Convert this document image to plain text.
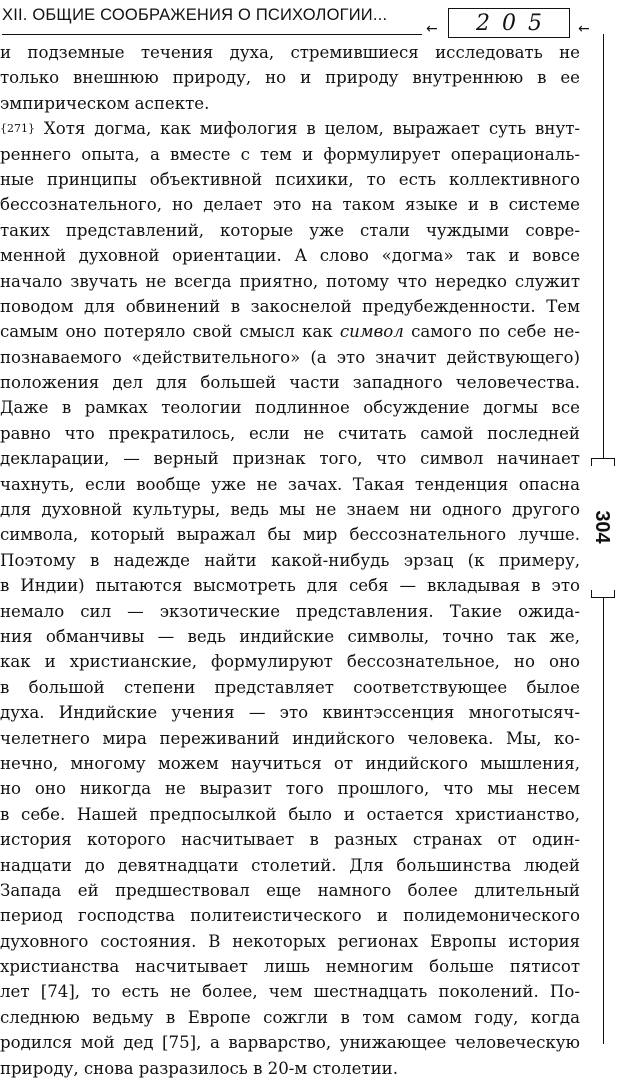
XII. ОБЩИЕ СООБРАЖЕНИЯ О ПСИХОЛОГИИ...
←	205 ←
304
и подземные течения духа, стремившиеся исследовать не
только внешнюю природу, но и природу внутреннюю в ее
эмпирическом аспекте.
{271} Хотя догма, как мифология в целом, выражает суть внут-
реннего опыта, а вместе с тем и формулирует операциональ-
ные принципы объективной психики, то есть коллективного
бессознательного, но делает это на таком языке и в системе
таких представлений, которые уже стали чуждыми совре-
менной духовной ориентации. А слово «догма» так и вовсе
начало звучать не всегда приятно, потому что нередко служит
поводом для обвинений в закоснелой предубежденности. Тем
самым оно потеряло свой смысл как символ самого по себе не-
познаваемого «действительного» (а это значит действующего)
положения дел для большей части западного человечества.
Даже в рамках теологии подлинное обсуждение догмы все
равно что прекратилось, если не считать самой последней
декларации, — верный признак того, что символ начинает
чахнуть, если вообще уже не зачах. Такая тенденция опасна
для духовной культуры, ведь мы не знаем ни одного другого
символа, который выражал бы мир бессознательного лучше.
Поэтому в надежде найти какой-нибудь эрзац (к примеру,
в Индии) пытаются высмотреть для себя — вкладывая в это
немало сил — экзотические представления. Такие ожида-
ния обманчивы — ведь индийские символы, точно так же,
как и христианские, формулируют бессознательное, но оно
в большой степени представляет соответствующее былое
духа. Индийские учения — это квинтэссенция многотысяч-
челетнего мира переживаний индийского человека. Мы, ко-
нечно, многому можем научиться от индийского мышления,
но оно никогда не выразит того прошлого, что мы несем
в себе. Нашей предпосылкой было и остается христианство,
история которого насчитывает в разных странах от один-
надцати до девятнадцати столетий. Для большинства людей
Запада ей предшествовал еще намного более длительный
период господства политеистического и полидемонического
духовного состояния. В некоторых регионах Европы история
христианства насчитывает лишь немногим больше пятисот
лет [74], то есть не более, чем шестнадцать поколений. По-
следнюю ведьму в Европе сожгли в том самом году, когда
родился мой дед [75], а варварство, унижающее человеческую
природу, снова разразилось в 20-м столетии.
